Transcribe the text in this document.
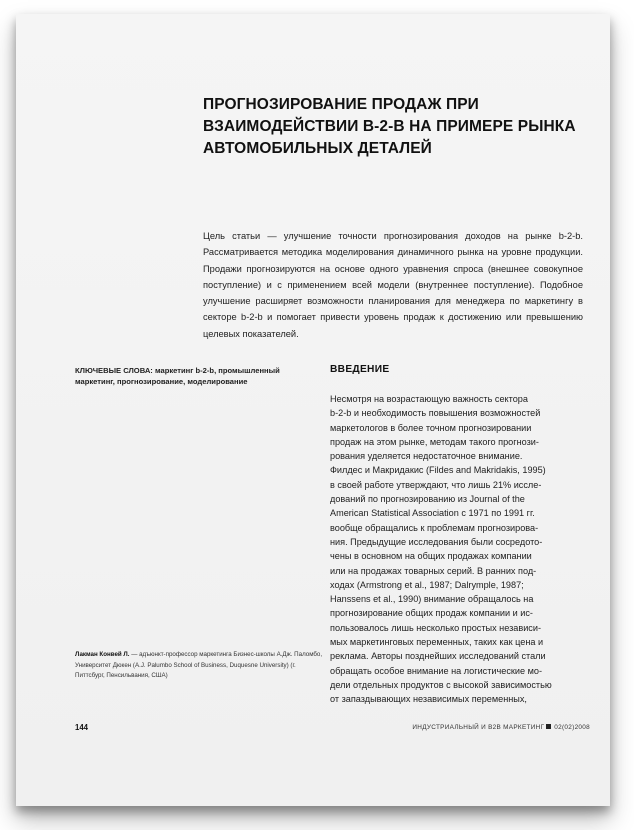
ПРОГНОЗИРОВАНИЕ ПРОДАЖ ПРИ ВЗАИМОДЕЙСТВИИ B-2-B НА ПРИМЕРЕ РЫНКА АВТОМОБИЛЬНЫХ ДЕТАЛЕЙ

Цель статьи — улучшение точности прогнозирования доходов на рынке b-2-b. Рассматривается методика моделирования динамичного рынка на уровне продукции. Продажи прогнозируются на основе одного уравнения спроса (внешнее совокупное поступление) и с применением всей модели (внутреннее поступление). Подобное улучшение расширяет возможности планирования для менеджера по маркетингу в секторе b-2-b и помогает привести уровень продаж к достижению или превышению целевых показателей.

КЛЮЧЕВЫЕ СЛОВА: маркетинг b-2-b, промышленный маркетинг, прогнозирование, моделирование

ВВЕДЕНИЕ

Несмотря на возрастающую важность сектора
b-2-b и необходимость повышения возможностей
маркетологов в более точном прогнозировании
продаж на этом рынке, методам такого прогнози-
рования уделяется недостаточное внимание.
Филдес и Макридакис (Fildes and Makridakis, 1995)
в своей работе утверждают, что лишь 21% иссле-
дований по прогнозированию из Journal of the
American Statistical Association с 1971 по 1991 гг.
вообще обращались к проблемам прогнозирова-
ния. Предыдущие исследования были сосредото-
чены в основном на общих продажах компании
или на продажах товарных серий. В ранних под-
ходах (Armstrong et al., 1987; Dalrymple, 1987;
Hanssens et al., 1990) внимание обращалось на
прогнозирование общих продаж компании и ис-
пользовалось лишь несколько простых независи-
мых маркетинговых переменных, таких как цена и
реклама. Авторы позднейших исследований стали
обращать особое внимание на логистические мо-
дели отдельных продуктов с высокой зависимостью
от запаздывающих независимых переменных,

Лакман Конвей Л. — адъюнкт-профессор маркетинга Бизнес-школы А.Дж. Паломбо, Университет Дюкен (A.J. Palumbo School of Business, Duquesne University) (г. Питтсбург, Пенсильвания, США)

144	ИНДУСТРИАЛЬНЫЙ И B2B МАРКЕТИНГ 02(02)2008
